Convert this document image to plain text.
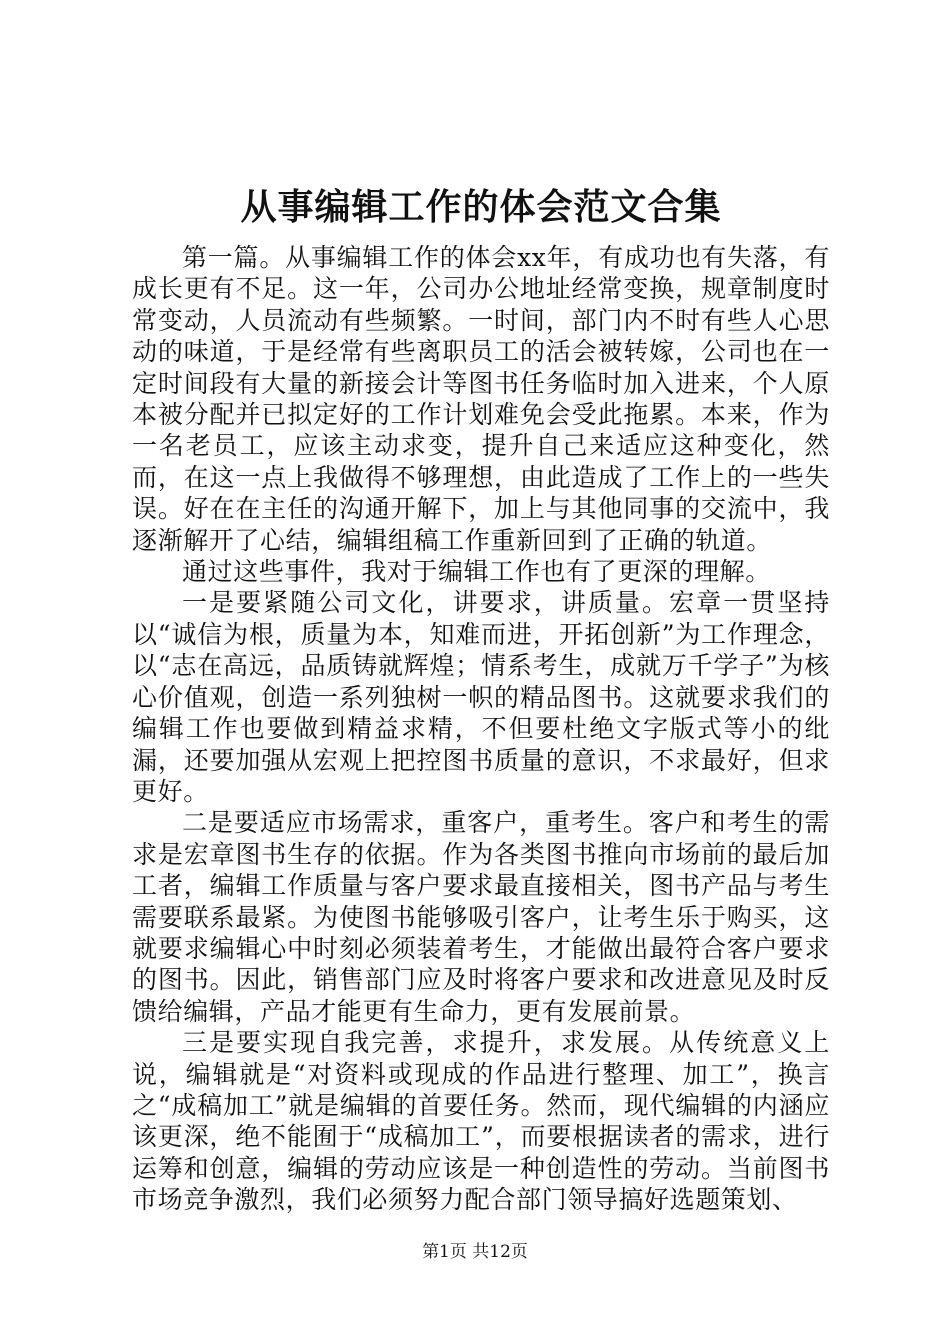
从事编辑工作的体会范文合集

第一篇。从事编辑工作的体会xx年，有成功也有失落，有成长更有不足。这一年，公司办公地址经常变换，规章制度时常变动，人员流动有些频繁。一时间，部门内不时有些人心思动的味道，于是经常有些离职员工的活会被转嫁，公司也在一定时间段有大量的新接会计等图书任务临时加入进来，个人原本被分配并已拟定好的工作计划难免会受此拖累。本来，作为一名老员工，应该主动求变，提升自己来适应这种变化，然而，在这一点上我做得不够理想，由此造成了工作上的一些失误。好在在主任的沟通开解下，加上与其他同事的交流中，我逐渐解开了心结，编辑组稿工作重新回到了正确的轨道。

通过这些事件，我对于编辑工作也有了更深的理解。

一是要紧随公司文化，讲要求，讲质量。宏章一贯坚持以“诚信为根，质量为本，知难而进，开拓创新”为工作理念，以“志在高远，品质铸就辉煌；情系考生，成就万千学子”为核心价值观，创造一系列独树一帜的精品图书。这就要求我们的编辑工作也要做到精益求精，不但要杜绝文字版式等小的纰漏，还要加强从宏观上把控图书质量的意识，不求最好，但求更好。

二是要适应市场需求，重客户，重考生。客户和考生的需求是宏章图书生存的依据。作为各类图书推向市场前的最后加工者，编辑工作质量与客户要求最直接相关，图书产品与考生需要联系最紧。为使图书能够吸引客户，让考生乐于购买，这就要求编辑心中时刻必须装着考生，才能做出最符合客户要求的图书。因此，销售部门应及时将客户要求和改进意见及时反馈给编辑，产品才能更有生命力，更有发展前景。

三是要实现自我完善，求提升，求发展。从传统意义上说，编辑就是“对资料或现成的作品进行整理、加工”，换言之“成稿加工”就是编辑的首要任务。然而，现代编辑的内涵应该更深，绝不能囿于“成稿加工”，而要根据读者的需求，进行运筹和创意，编辑的劳动应该是一种创造性的劳动。当前图书市场竞争激烈，我们必须努力配合部门领导搞好选题策划、

第1页 共12页
